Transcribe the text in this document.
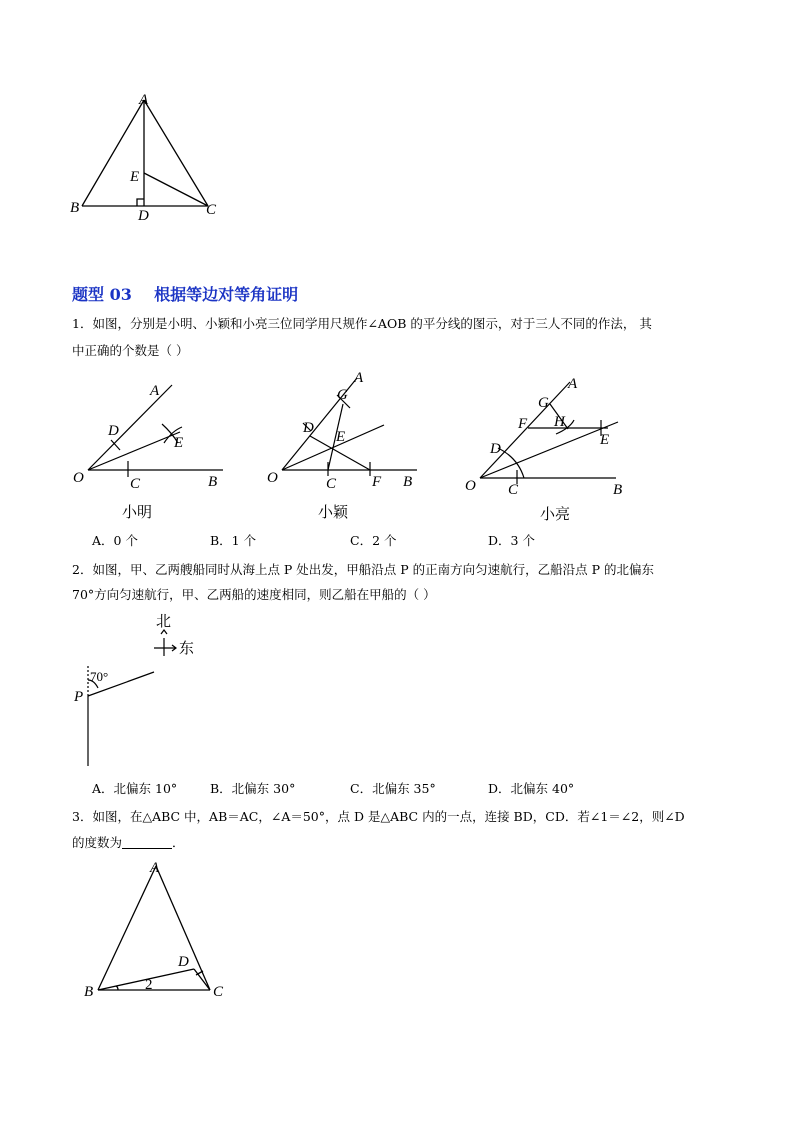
A
B	C
D
E
题型 03    根据等边对等角证明
1．如图，分别是小明、小颖和小亮三位同学用尺规作∠AOB 的平分线的图示，对于三人不同的作法， 其
中正确的个数是（ ）
A
O	B
C
D
E
小明
A
G
D
E
O	C F B
小颖
A
G
F H
E
D
O C	B
小亮
A．0 个	B．1 个	C．2 个	D．3 个
2．如图，甲、乙两艘船同时从海上点 P 处出发，甲船沿点 P 的正南方向匀速航行，乙船沿点 P 的北偏东
70°方向匀速航行，甲、乙两船的速度相同，则乙船在甲船的（ ）
北
东
70°
P
A．北偏东 10°	B．北偏东 30°	C．北偏东 35°	D．北偏东 40°
3．如图，在△ABC 中，AB＝AC，∠A＝50°，点 D 是△ABC 内的一点，连接 BD，CD．若∠1＝∠2，则∠D
的度数为	．
A
B	C
D
2
